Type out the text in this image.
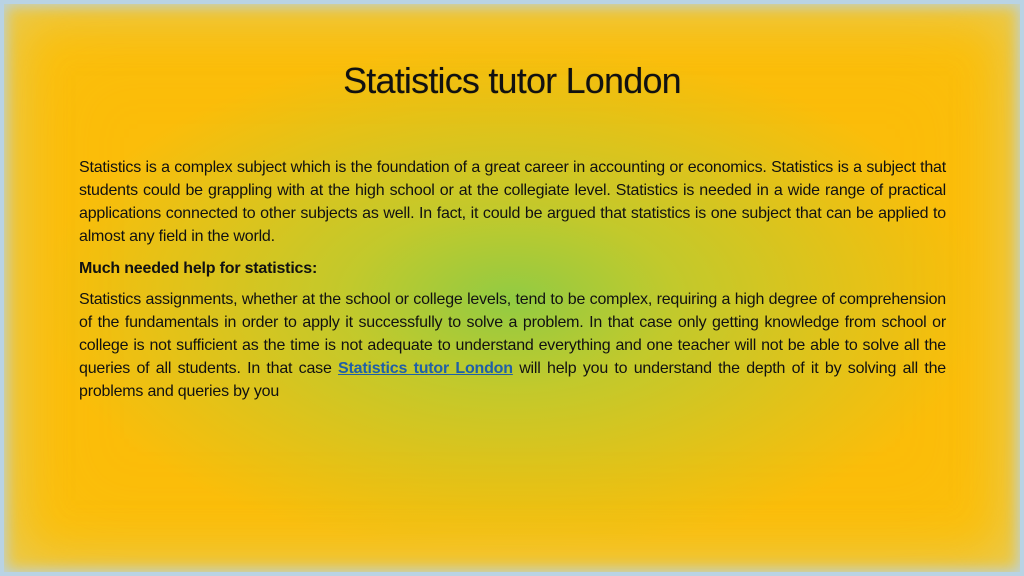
Statistics tutor London

Statistics is a complex subject which is the foundation of a great career in accounting or economics. Statistics is a subject that students could be grappling with at the high school or at the collegiate level. Statistics is needed in a wide range of practical applications connected to other subjects as well. In fact, it could be argued that statistics is one subject that can be applied to almost any field in the world.

Much needed help for statistics:

Statistics assignments, whether at the school or college levels, tend to be complex, requiring a high degree of comprehension of the fundamentals in order to apply it successfully to solve a problem. In that case only getting knowledge from school or college is not sufficient as the time is not adequate to understand everything and one teacher will not be able to solve all the queries of all students. In that case Statistics tutor London will help you to understand the depth of it by solving all the problems and queries by you
